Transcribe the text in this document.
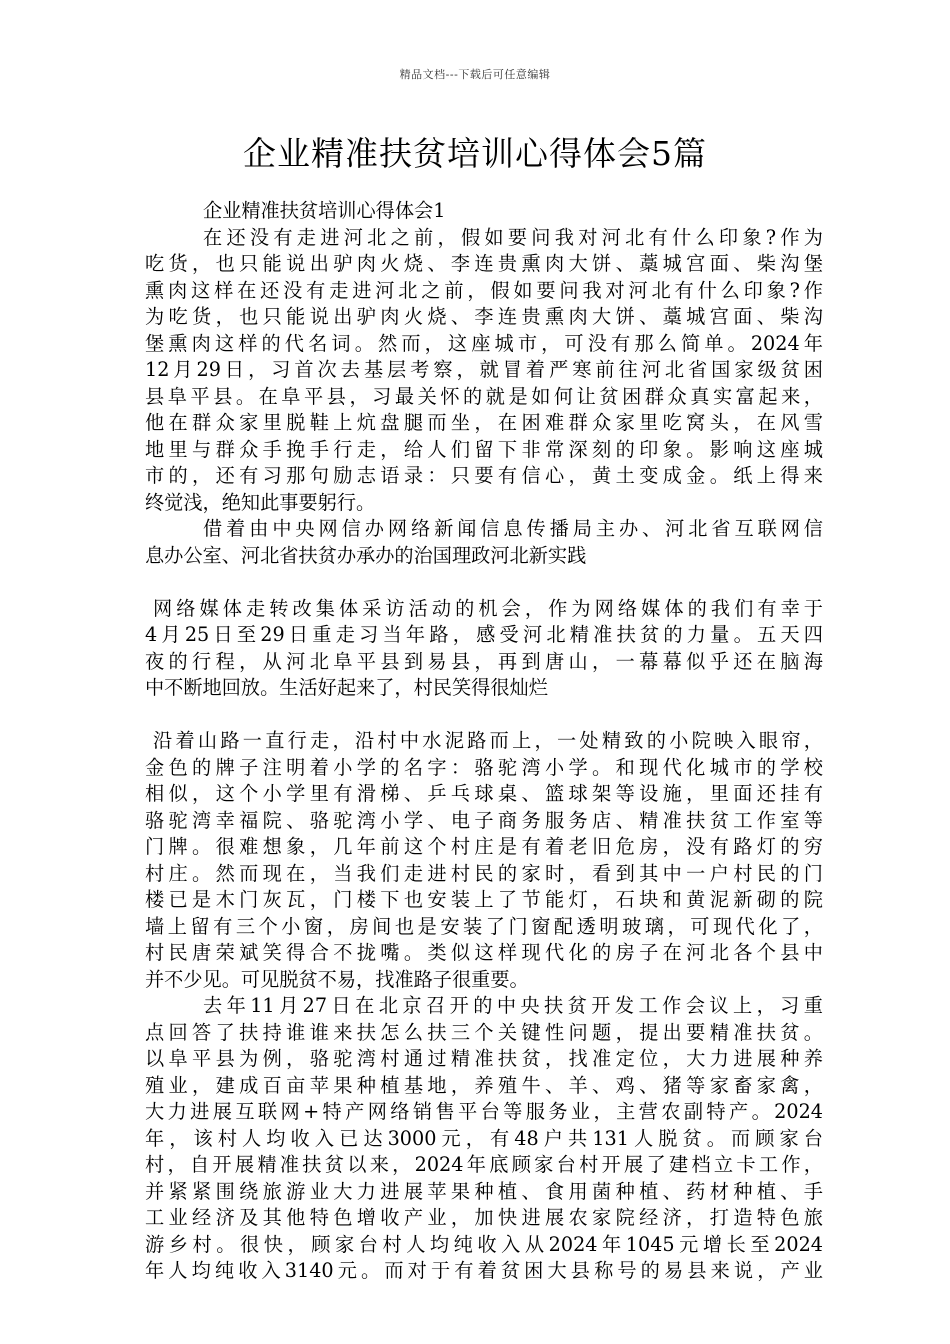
精品文档---下载后可任意编辑
企业精准扶贫培训心得体会5篇
企业精准扶贫培训心得体会1
在还没有走进河北之前，假如要问我对河北有什么印象?作为
吃货，也只能说出驴肉火烧、李连贵熏肉大饼、藁城宫面、柴沟堡
熏肉这样在还没有走进河北之前，假如要问我对河北有什么印象?作
为吃货，也只能说出驴肉火烧、李连贵熏肉大饼、藁城宫面、柴沟
堡熏肉这样的代名词。然而，这座城市，可没有那么简单。2024年
12月29日，习首次去基层考察，就冒着严寒前往河北省国家级贫困
县阜平县。在阜平县，习最关怀的就是如何让贫困群众真实富起来，
他在群众家里脱鞋上炕盘腿而坐，在困难群众家里吃窝头，在风雪
地里与群众手挽手行走，给人们留下非常深刻的印象。影响这座城
市的，还有习那句励志语录：只要有信心，黄土变成金。纸上得来
终觉浅，绝知此事要躬行。
借着由中央网信办网络新闻信息传播局主办、河北省互联网信
息办公室、河北省扶贫办承办的治国理政河北新实践
网络媒体走转改集体采访活动的机会，作为网络媒体的我们有幸于
4月25日至29日重走习当年路，感受河北精准扶贫的力量。五天四
夜的行程，从河北阜平县到易县，再到唐山，一幕幕似乎还在脑海
中不断地回放。生活好起来了，村民笑得很灿烂
沿着山路一直行走，沿村中水泥路而上，一处精致的小院映入眼帘，
金色的牌子注明着小学的名字：骆驼湾小学。和现代化城市的学校
相似，这个小学里有滑梯、乒乓球桌、篮球架等设施，里面还挂有
骆驼湾幸福院、骆驼湾小学、电子商务服务店、精准扶贫工作室等
门牌。很难想象，几年前这个村庄是有着老旧危房，没有路灯的穷
村庄。然而现在，当我们走进村民的家时，看到其中一户村民的门
楼已是木门灰瓦，门楼下也安装上了节能灯，石块和黄泥新砌的院
墙上留有三个小窗，房间也是安装了门窗配透明玻璃，可现代化了，
村民唐荣斌笑得合不拢嘴。类似这样现代化的房子在河北各个县中
并不少见。可见脱贫不易，找准路子很重要。
去年11月27日在北京召开的中央扶贫开发工作会议上，习重
点回答了扶持谁谁来扶怎么扶三个关键性问题，提出要精准扶贫。
以阜平县为例，骆驼湾村通过精准扶贫，找准定位，大力进展种养
殖业，建成百亩苹果种植基地，养殖牛、羊、鸡、猪等家畜家禽，
大力进展互联网+特产网络销售平台等服务业，主营农副特产。2024
年，该村人均收入已达3000元，有48户共131人脱贫。而顾家台
村，自开展精准扶贫以来，2024年底顾家台村开展了建档立卡工作，
并紧紧围绕旅游业大力进展苹果种植、食用菌种植、药材种植、手
工业经济及其他特色增收产业，加快进展农家院经济，打造特色旅
游乡村。很快，顾家台村人均纯收入从2024年1045元增长至2024
年人均纯收入3140元。而对于有着贫困大县称号的易县来说，产业
